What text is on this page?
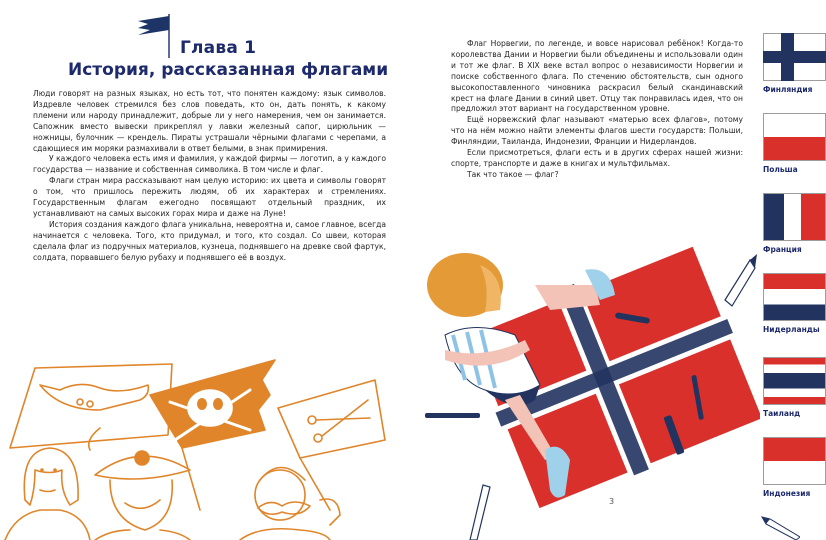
Глава 1
История, рассказанная флагами

Люди говорят на разных языках, но есть тот, что понятен каждому: язык символов. Издревле человек стремился без слов поведать, кто он, дать понять, к какому племени или народу принадлежит, добрые ли у него намерения, чем он занимается. Сапожник вместо вывески прикреплял у лавки железный сапог, цирюльник — ножницы, булочник — крендель. Пираты устрашали чёрными флагами с черепами, а сдающиеся им моряки размахивали в ответ белыми, в знак примирения.

У каждого человека есть имя и фамилия, у каждой фирмы — логотип, а у каждого государства — название и собственная символика. В том числе и флаг.

Флаги стран мира рассказывают нам целую историю: их цвета и символы говорят о том, что пришлось пережить людям, об их характерах и стремлениях. Государственным флагам ежегодно посвящают отдельный праздник, их устанавливают на самых высоких горах мира и даже на Луне!

История создания каждого флага уникальна, невероятна и, самое главное, всегда начинается с человека. Того, кто придумал, и того, кто создал. Со швеи, которая сделала флаг из подручных материалов, кузнеца, поднявшего на древке свой фартук, солдата, порвавшего белую рубаху и поднявшего её в воздух.

Флаг Норвегии, по легенде, и вовсе нарисовал ребёнок! Когда-то королевства Дании и Норвегии были объединены и использовали один и тот же флаг. В XIX веке встал вопрос о независимости Норвегии и поиске собственного флага. По стечению обстоятельств, сын одного высокопоставленного чиновника раскрасил белый скандинавский крест на флаге Дании в синий цвет. Отцу так понравилась идея, что он предложил этот вариант на государственном уровне.

Ещё норвежский флаг называют «матерью всех флагов», потому что на нём можно найти элементы флагов шести государств: Польши, Финляндии, Таиланда, Индонезии, Франции и Нидерландов.

Если присмотреться, флаги есть и в других сферах нашей жизни: спорте, транспорте и даже в книгах и мультфильмах.

Так что такое — флаг?

3
Финляндия
Польша
Франция
Нидерланды
Таиланд
Индонезия
